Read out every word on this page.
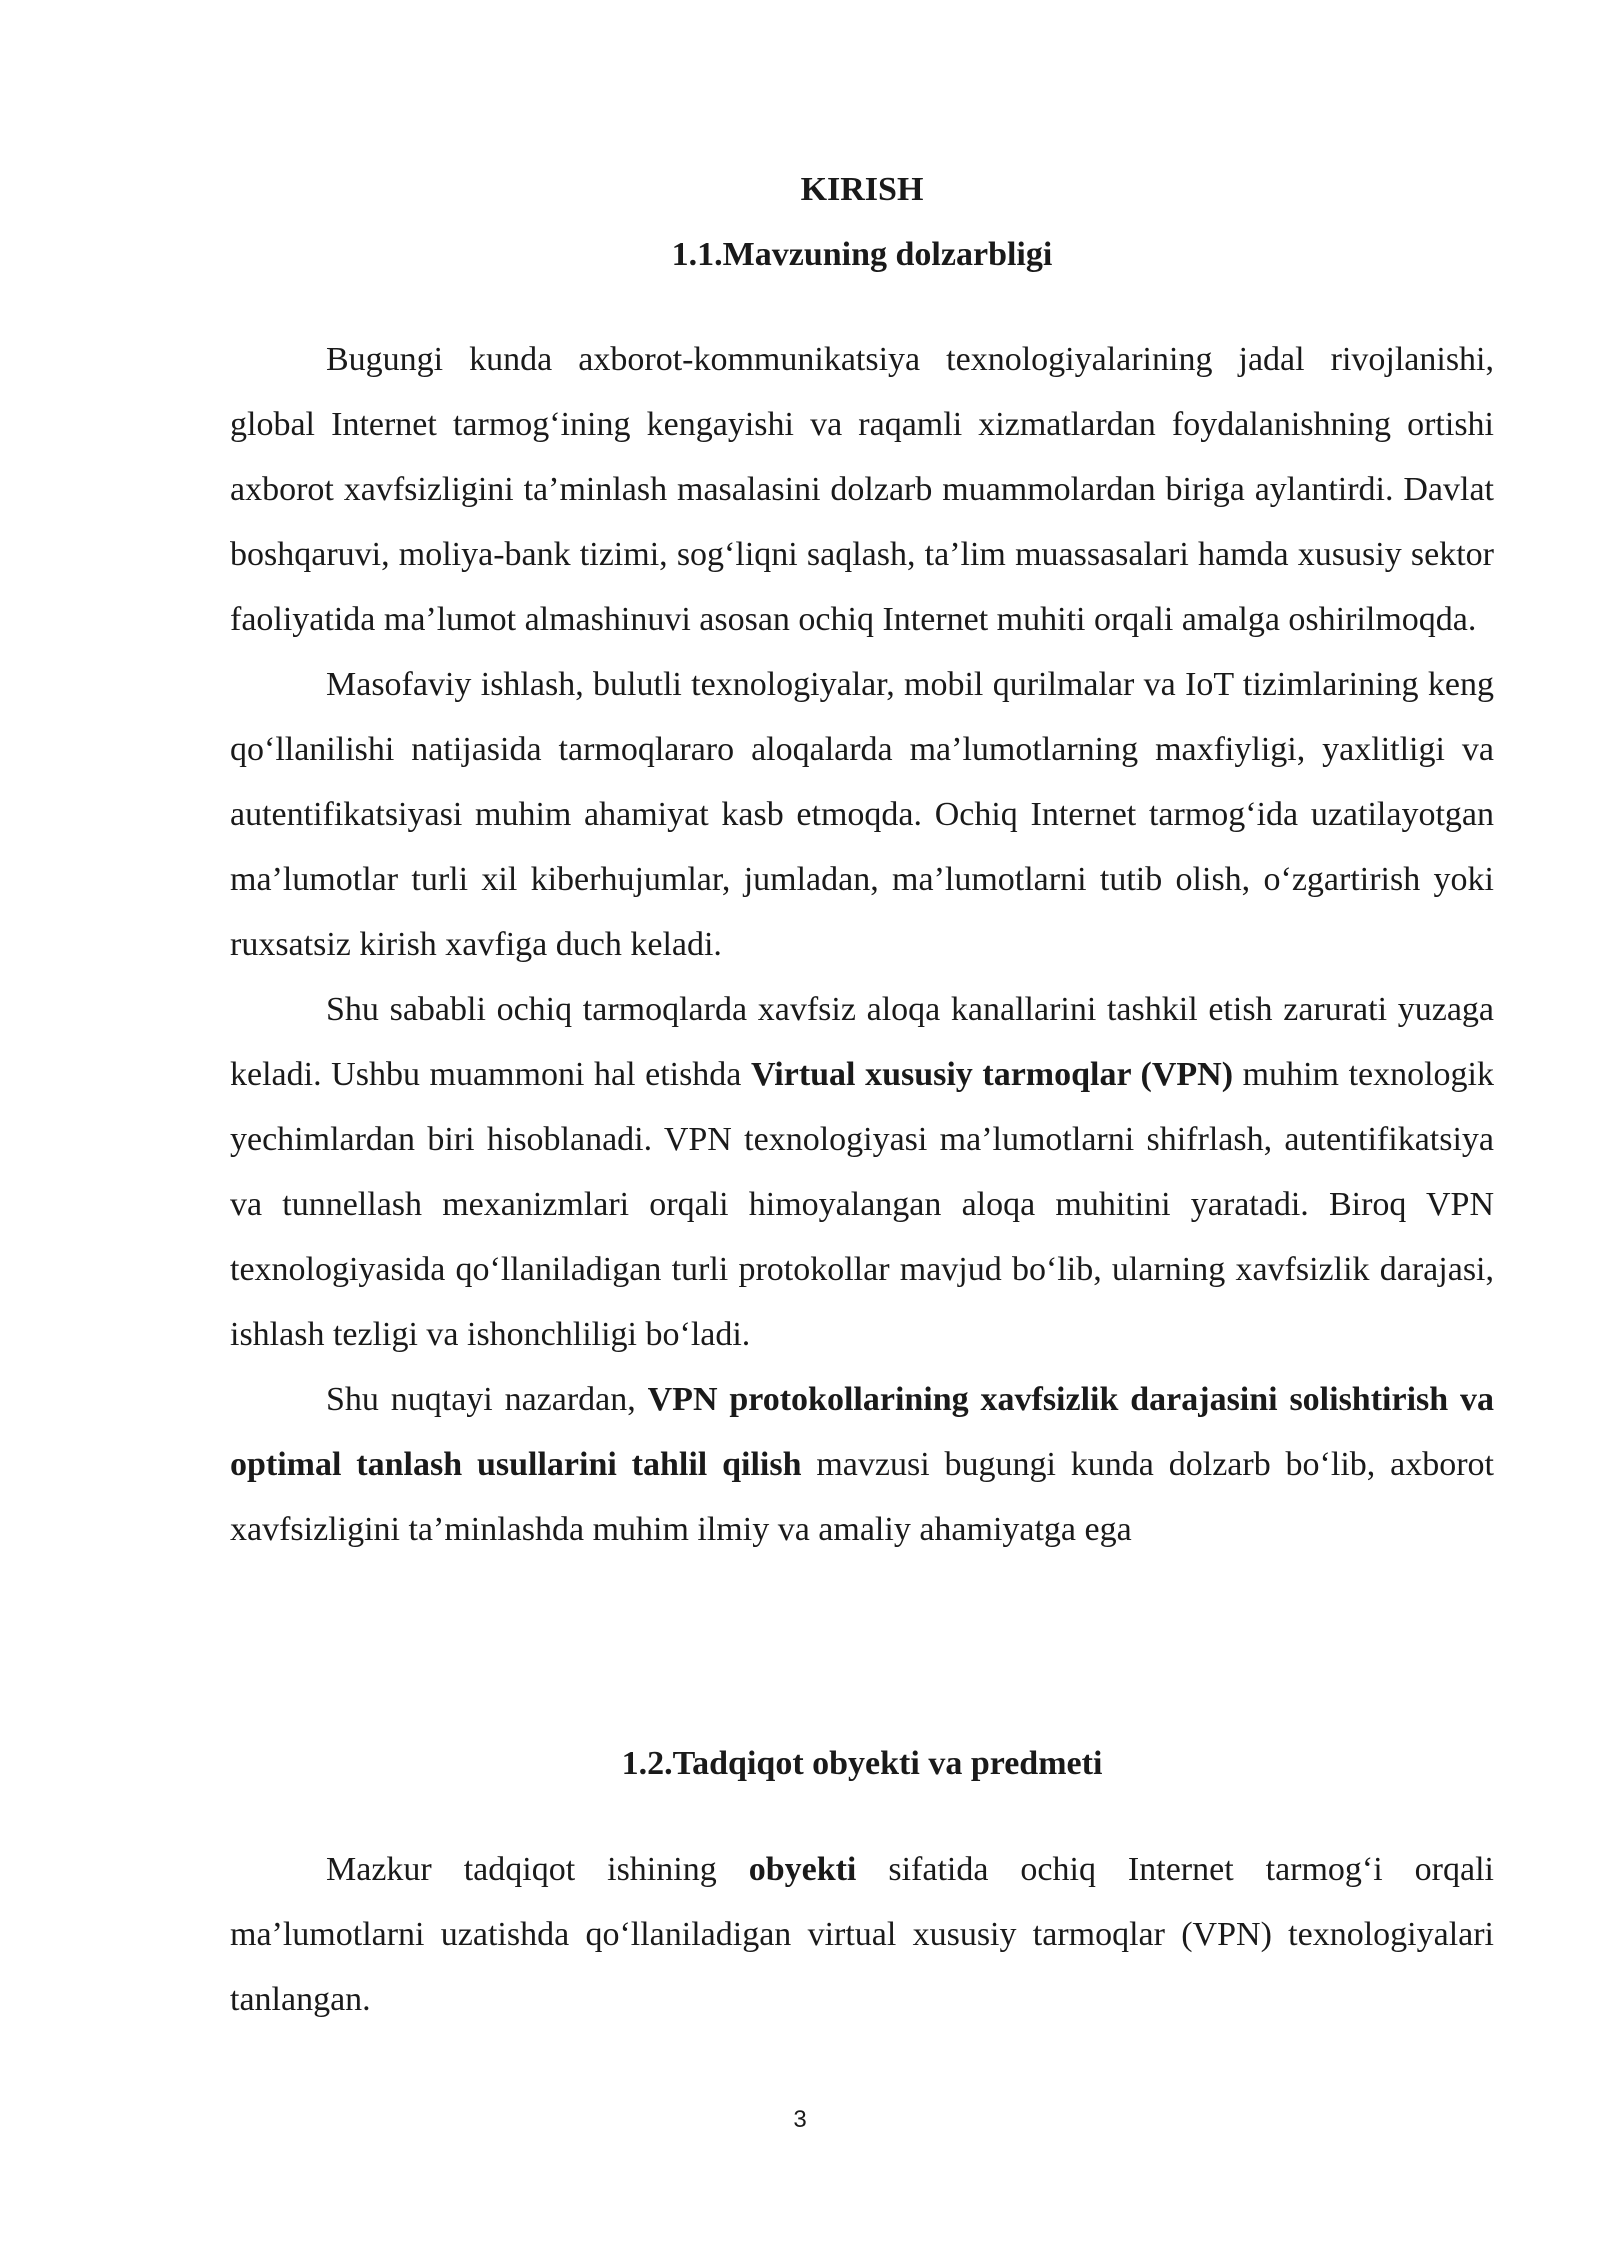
KIRISH
1.1.Mavzuning dolzarbligi

Bugungi kunda axborot-kommunikatsiya texnologiyalarining jadal rivojlanishi, global Internet tarmog‘ining kengayishi va raqamli xizmatlardan foydalanishning ortishi axborot xavfsizligini ta’minlash masalasini dolzarb muammolardan biriga aylantirdi. Davlat boshqaruvi, moliya-bank tizimi, sog‘liqni saqlash, ta’lim muassasalari hamda xususiy sektor faoliyatida ma’lumot almashinuvi asosan ochiq Internet muhiti orqali amalga oshirilmoqda.

Masofaviy ishlash, bulutli texnologiyalar, mobil qurilmalar va IoT tizimlarining keng qo‘llanilishi natijasida tarmoqlararo aloqalarda ma’lumotlarning maxfiyligi, yaxlitligi va autentifikatsiyasi muhim ahamiyat kasb etmoqda. Ochiq Internet tarmog‘ida uzatilayotgan ma’lumotlar turli xil kiberhujumlar, jumladan, ma’lumotlarni tutib olish, o‘zgartirish yoki ruxsatsiz kirish xavfiga duch keladi.

Shu sababli ochiq tarmoqlarda xavfsiz aloqa kanallarini tashkil etish zarurati yuzaga keladi. Ushbu muammoni hal etishda Virtual xususiy tarmoqlar (VPN) muhim texnologik yechimlardan biri hisoblanadi. VPN texnologiyasi ma’lumotlarni shifrlash, autentifikatsiya va tunnellash mexanizmlari orqali himoyalangan aloqa muhitini yaratadi. Biroq VPN texnologiyasida qo‘llaniladigan turli protokollar mavjud bo‘lib, ularning xavfsizlik darajasi, ishlash tezligi va ishonchliligi bo‘ladi.

Shu nuqtayi nazardan, VPN protokollarining xavfsizlik darajasini solishtirish va optimal tanlash usullarini tahlil qilish mavzusi bugungi kunda dolzarb bo‘lib, axborot xavfsizligini ta’minlashda muhim ilmiy va amaliy ahamiyatga ega

1.2.Tadqiqot obyekti va predmeti

Mazkur tadqiqot ishining obyekti sifatida ochiq Internet tarmog‘i orqali ma’lumotlarni uzatishda qo‘llaniladigan virtual xususiy tarmoqlar (VPN) texnologiyalari tanlangan.

3
